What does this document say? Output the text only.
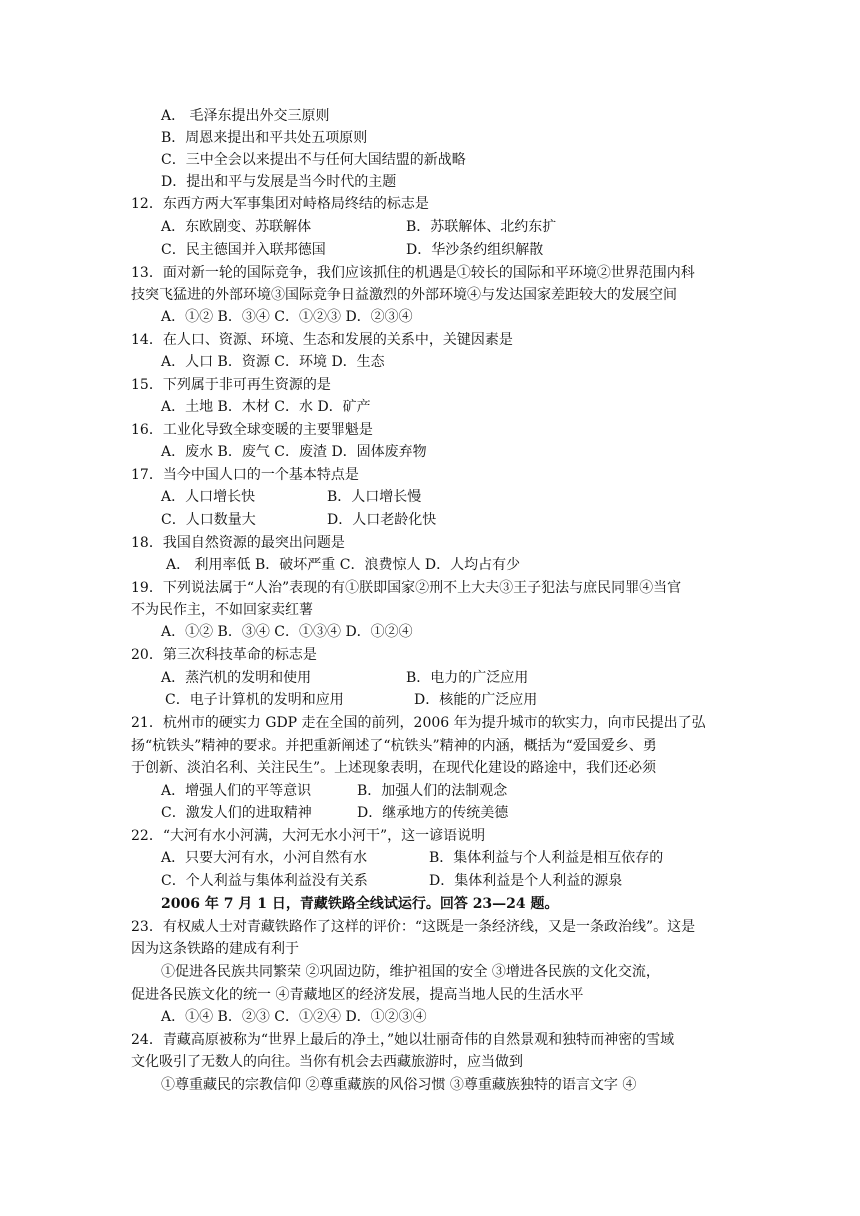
A． 毛泽东提出外交三原则
B．周恩来提出和平共处五项原则
C．三中全会以来提出不与任何大国结盟的新战略
D．提出和平与发展是当今时代的主题
12．东西方两大军事集团对峙格局终结的标志是
A．东欧剧变、苏联解体	B．苏联解体、北约东扩
C．民主德国并入联邦德国	D．华沙条约组织解散
13．面对新一轮的国际竞争，我们应该抓住的机遇是①较长的国际和平环境②世界范围内科
技突飞猛进的外部环境③国际竞争日益激烈的外部环境④与发达国家差距较大的发展空间
A．①② B．③④ C．①②③ D．②③④
14．在人口、资源、环境、生态和发展的关系中，关键因素是
A．人口 B．资源 C．环境 D．生态
15．下列属于非可再生资源的是
A．土地 B．木材 C．水 D．矿产
16．工业化导致全球变暖的主要罪魁是
A．废水 B．废气 C．废渣 D．固体废弃物
17．当今中国人口的一个基本特点是
A．人口增长快	B．人口增长慢
C．人口数量大	D．人口老龄化快
18．我国自然资源的最突出问题是
A． 利用率低 B．破坏严重 C．浪费惊人 D．人均占有少
19．下列说法属于“人治”表现的有①朕即国家②刑不上大夫③王子犯法与庶民同罪④当官
不为民作主，不如回家卖红薯
A．①② B．③④ C．①③④ D．①②④
20．第三次科技革命的标志是
A．蒸汽机的发明和使用	B．电力的广泛应用
C．电子计算机的发明和应用	D．核能的广泛应用
21．杭州市的硬实力 GDP 走在全国的前列，2006 年为提升城市的软实力，向市民提出了弘
扬“杭铁头”精神的要求。并把重新阐述了“杭铁头”精神的内涵，概括为“爱国爱乡、勇
于创新、淡泊名利、关注民生”。上述现象表明，在现代化建设的路途中，我们还必须
A．增强人们的平等意识	B．加强人们的法制观念
C．激发人们的进取精神	D．继承地方的传统美德
22．“大河有水小河满，大河无水小河干”，这一谚语说明
A．只要大河有水，小河自然有水	B．集体利益与个人利益是相互依存的
C．个人利益与集体利益没有关系	D．集体利益是个人利益的源泉
2006 年 7 月 1 日，青藏铁路全线试运行。回答 23—24 题。
23．有权威人士对青藏铁路作了这样的评价：“这既是一条经济线，又是一条政治线”。这是
因为这条铁路的建成有利于
①促进各民族共同繁荣 ②巩固边防，维护祖国的安全 ③增进各民族的文化交流，
促进各民族文化的统一 ④青藏地区的经济发展，提高当地人民的生活水平
A．①④ B．②③ C．①②④ D．①②③④
24．青藏高原被称为“世界上最后的净土，”她以壮丽奇伟的自然景观和独特而神密的雪域
文化吸引了无数人的向往。当你有机会去西藏旅游时，应当做到
①尊重藏民的宗教信仰 ②尊重藏族的风俗习惯 ③尊重藏族独特的语言文字 ④
